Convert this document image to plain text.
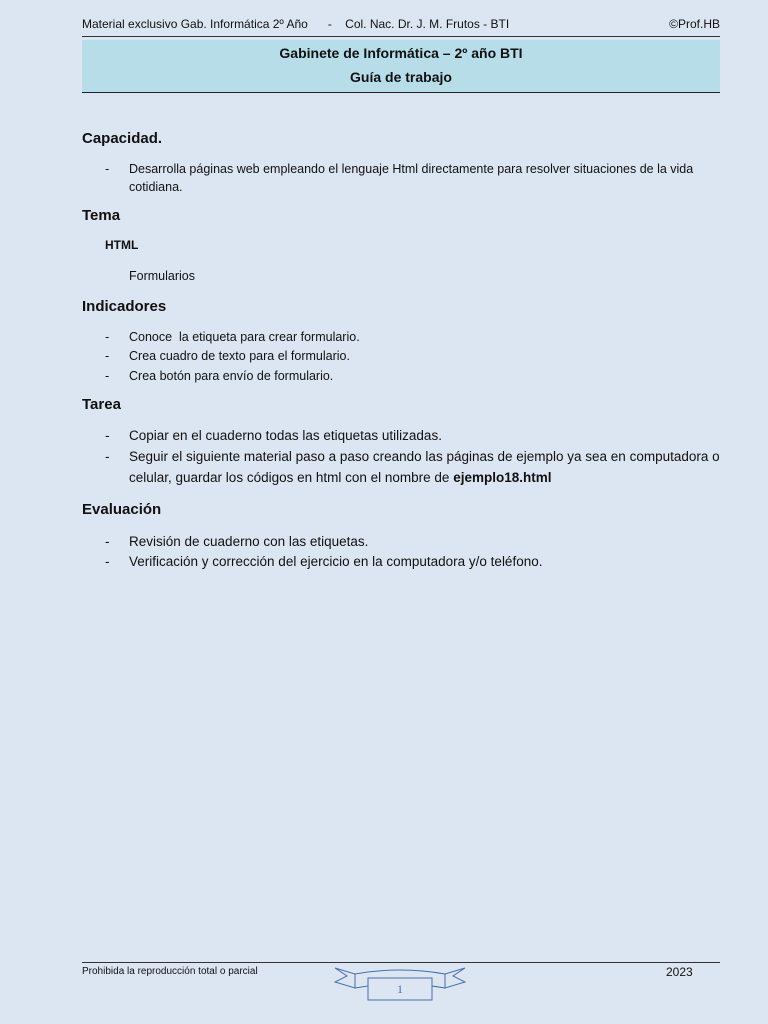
Material exclusivo Gab. Informática 2º Año      -    Col. Nac. Dr. J. M. Frutos - BTI	©Prof.HB
Gabinete de Informática – 2º año BTI
Guía de trabajo
Capacidad.
- Desarrolla páginas web empleando el lenguaje Html directamente para resolver situaciones de la vida cotidiana.
Tema
HTML
Formularios
Indicadores
- Conoce  la etiqueta para crear formulario.
- Crea cuadro de texto para el formulario.
- Crea botón para envío de formulario.
Tarea
- Copiar en el cuaderno todas las etiquetas utilizadas.
- Seguir el siguiente material paso a paso creando las páginas de ejemplo ya sea en computadora o celular, guardar los códigos en html con el nombre de ejemplo18.html
Evaluación
- Revisión de cuaderno con las etiquetas.
- Verificación y corrección del ejercicio en la computadora y/o teléfono.
Prohibida la reproducción total o parcial	2023
1
